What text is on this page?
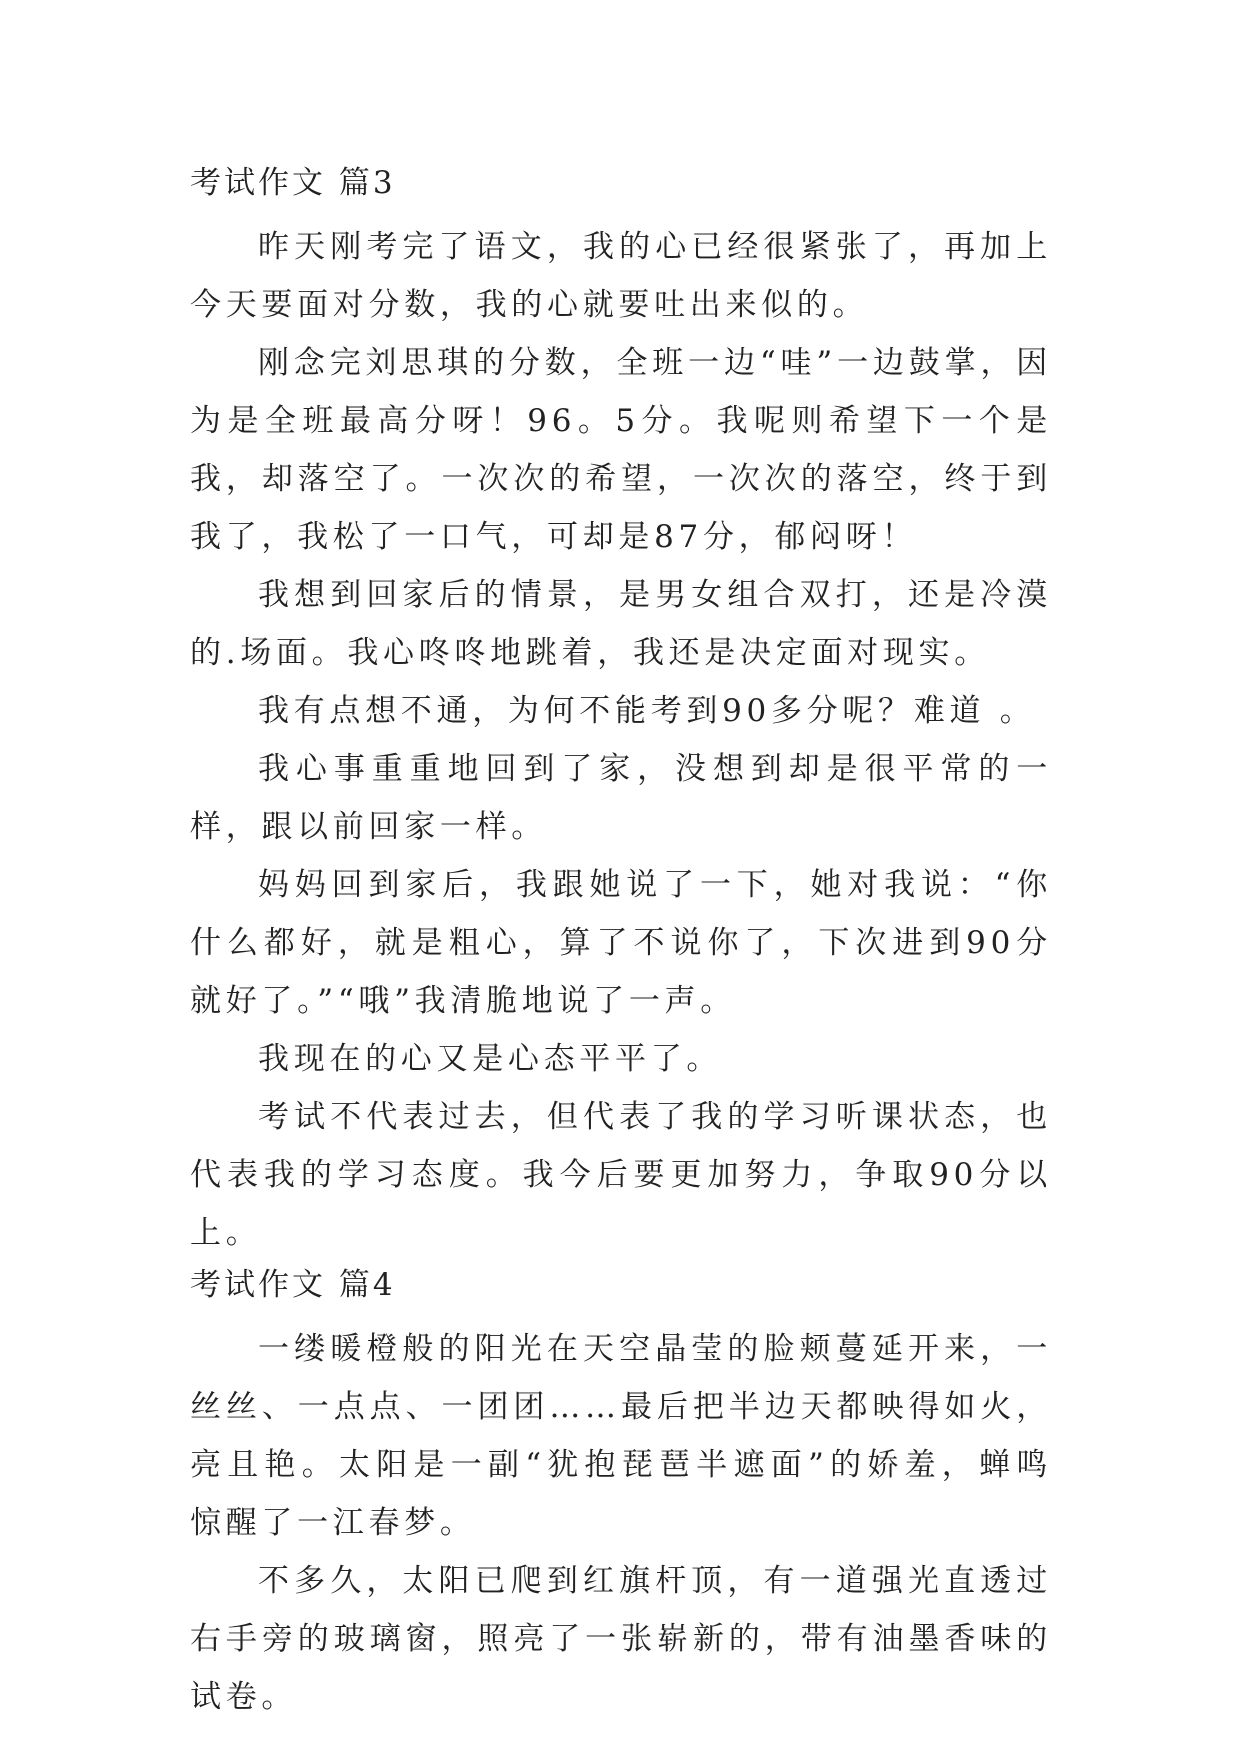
考试作文 篇3

昨天刚考完了语文，我的心已经很紧张了，再加上今天要面对分数，我的心就要吐出来似的。

刚念完刘思琪的分数，全班一边“哇”一边鼓掌，因为是全班最高分呀！96。5分。我呢则希望下一个是我，却落空了。一次次的希望，一次次的落空，终于到我了，我松了一口气，可却是87分，郁闷呀！

我想到回家后的情景，是男女组合双打，还是冷漠的.场面。我心咚咚地跳着，我还是决定面对现实。

我有点想不通，为何不能考到90多分呢？难道 。

我心事重重地回到了家，没想到却是很平常的一样，跟以前回家一样。

妈妈回到家后，我跟她说了一下，她对我说：“你什么都好，就是粗心，算了不说你了，下次进到90分就好了。”“哦”我清脆地说了一声。

我现在的心又是心态平平了。

考试不代表过去，但代表了我的学习听课状态，也代表我的学习态度。我今后要更加努力，争取90分以上。

考试作文 篇4

一缕暖橙般的阳光在天空晶莹的脸颊蔓延开来，一丝丝、一点点、一团团……最后把半边天都映得如火，亮且艳。太阳是一副“犹抱琵琶半遮面”的娇羞，蝉鸣惊醒了一江春梦。

不多久，太阳已爬到红旗杆顶，有一道强光直透过右手旁的玻璃窗，照亮了一张崭新的，带有油墨香味的试卷。
